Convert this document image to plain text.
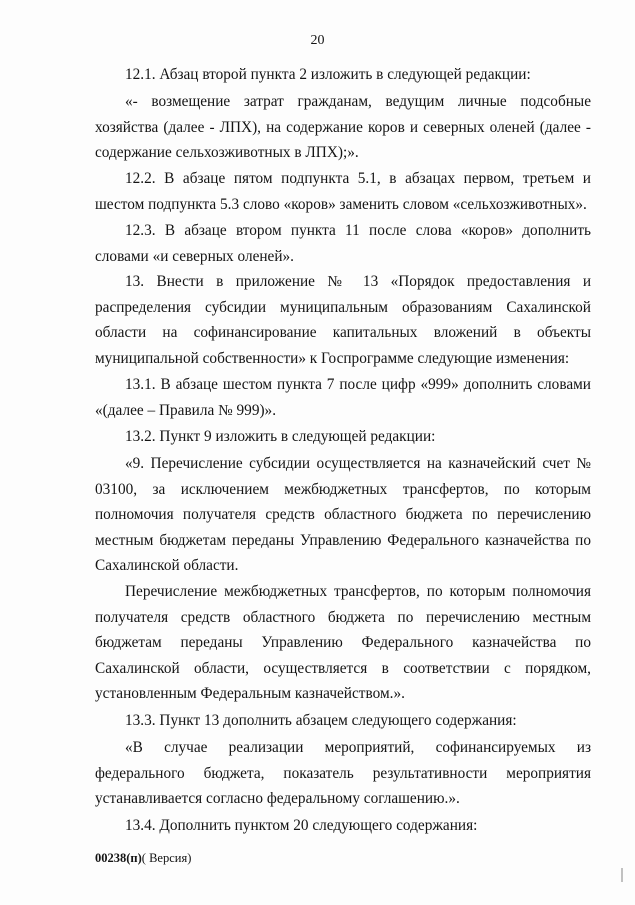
20

12.1. Абзац второй пункта 2 изложить в следующей редакции:

«- возмещение затрат гражданам, ведущим личные подсобные хозяйства (далее - ЛПХ), на содержание коров и северных оленей (далее - содержание сельхозживотных в ЛПХ);».

12.2. В абзаце пятом подпункта 5.1, в абзацах первом, третьем и шестом подпункта 5.3 слово «коров» заменить словом «сельхозживотных».

12.3. В абзаце втором пункта 11 после слова «коров» дополнить словами «и северных оленей».

13. Внести в приложение № 13 «Порядок предоставления и распределения субсидии муниципальным образованиям Сахалинской области на софинансирование капитальных вложений в объекты муниципальной собственности» к Госпрограмме следующие изменения:

13.1. В абзаце шестом пункта 7 после цифр «999» дополнить словами «(далее – Правила № 999)».

13.2. Пункт 9 изложить в следующей редакции:

«9. Перечисление субсидии осуществляется на казначейский счет № 03100, за исключением межбюджетных трансфертов, по которым полномочия получателя средств областного бюджета по перечислению местным бюджетам переданы Управлению Федерального казначейства по Сахалинской области.

Перечисление межбюджетных трансфертов, по которым полномочия получателя средств областного бюджета по перечислению местным бюджетам переданы Управлению Федерального казначейства по Сахалинской области, осуществляется в соответствии с порядком, установленным Федеральным казначейством.».

13.3. Пункт 13 дополнить абзацем следующего содержания:

«В случае реализации мероприятий, софинансируемых из федерального бюджета, показатель результативности мероприятия устанавливается согласно федеральному соглашению.».

13.4. Дополнить пунктом 20 следующего содержания:

00238(п)( Версия)
